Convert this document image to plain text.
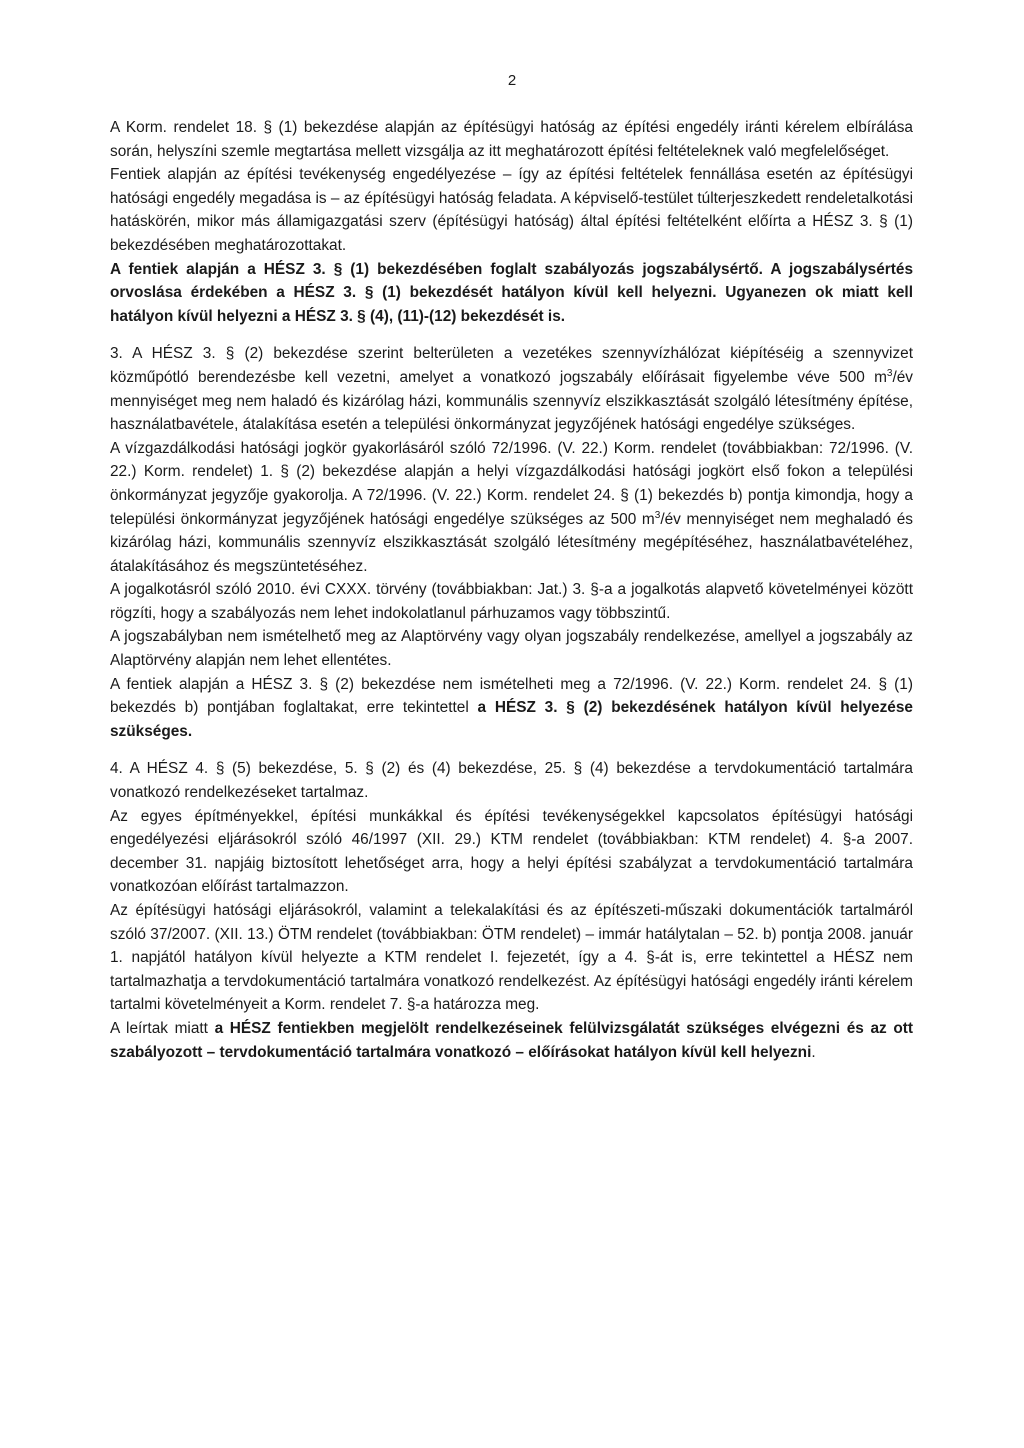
2

A Korm. rendelet 18. § (1) bekezdése alapján az építésügyi hatóság az építési engedély iránti kérelem elbírálása során, helyszíni szemle megtartása mellett vizsgálja az itt meghatározott építési feltételeknek való megfelelőséget.

Fentiek alapján az építési tevékenység engedélyezése – így az építési feltételek fennállása esetén az építésügyi hatósági engedély megadása is – az építésügyi hatóság feladata. A képviselő-testület túlterjeszkedett rendeletalkotási hatáskörén, mikor más államigazgatási szerv (építésügyi hatóság) által építési feltételként előírta a HÉSZ 3. § (1) bekezdésében meghatározottakat.

A fentiek alapján a HÉSZ 3. § (1) bekezdésében foglalt szabályozás jogszabálysértő. A jogszabálysértés orvoslása érdekében a HÉSZ 3. § (1) bekezdését hatályon kívül kell helyezni. Ugyanezen ok miatt kell hatályon kívül helyezni a HÉSZ 3. § (4), (11)-(12) bekezdését is.

3. A HÉSZ 3. § (2) bekezdése szerint belterületen a vezetékes szennyvízhálózat kiépítéséig a szennyvizet közműpótló berendezésbe kell vezetni, amelyet a vonatkozó jogszabály előírásait figyelembe véve 500 $m^3/év$ mennyiséget meg nem haladó és kizárólag házi, kommunális szennyvíz elszikkasztását szolgáló létesítmény építése, használatbavétele, átalakítása esetén a települési önkormányzat jegyzőjének hatósági engedélye szükséges.

A vízgazdálkodási hatósági jogkör gyakorlásáról szóló 72/1996. (V. 22.) Korm. rendelet (továbbiakban: 72/1996. (V. 22.) Korm. rendelet) 1. § (2) bekezdése alapján a helyi vízgazdálkodási hatósági jogkört első fokon a települési önkormányzat jegyzője gyakorolja. A 72/1996. (V. 22.) Korm. rendelet 24. § (1) bekezdés b) pontja kimondja, hogy a települési önkormányzat jegyzőjének hatósági engedélye szükséges az 500 $m^3/év$ mennyiséget nem meghaladó és kizárólag házi, kommunális szennyvíz elszikkasztását szolgáló létesítmény megépítéséhez, használatbavételéhez, átalakításához és megszüntetéséhez.

A jogalkotásról szóló 2010. évi CXXX. törvény (továbbiakban: Jat.) 3. §-a a jogalkotás alapvető követelményei között rögzíti, hogy a szabályozás nem lehet indokolatlanul párhuzamos vagy többszintű.

A jogszabályban nem ismételhető meg az Alaptörvény vagy olyan jogszabály rendelkezése, amellyel a jogszabály az Alaptörvény alapján nem lehet ellentétes.

A fentiek alapján a HÉSZ 3. § (2) bekezdése nem ismételheti meg a 72/1996. (V. 22.) Korm. rendelet 24. § (1) bekezdés b) pontjában foglaltakat, erre tekintettel a HÉSZ 3. § (2) bekezdésének hatályon kívül helyezése szükséges.

4. A HÉSZ 4. § (5) bekezdése, 5. § (2) és (4) bekezdése, 25. § (4) bekezdése a tervdokumentáció tartalmára vonatkozó rendelkezéseket tartalmaz.

Az egyes építményekkel, építési munkákkal és építési tevékenységekkel kapcsolatos építésügyi hatósági engedélyezési eljárásokról szóló 46/1997 (XII. 29.) KTM rendelet (továbbiakban: KTM rendelet) 4. §-a 2007. december 31. napjáig biztosított lehetőséget arra, hogy a helyi építési szabályzat a tervdokumentáció tartalmára vonatkozóan előírást tartalmazzon.

Az építésügyi hatósági eljárásokról, valamint a telekalakítási és az építészeti-műszaki dokumentációk tartalmáról szóló 37/2007. (XII. 13.) ÖTM rendelet (továbbiakban: ÖTM rendelet) – immár hatálytalan – 52. b) pontja 2008. január 1. napjától hatályon kívül helyezte a KTM rendelet I. fejezetét, így a 4. §-át is, erre tekintettel a HÉSZ nem tartalmazhatja a tervdokumentáció tartalmára vonatkozó rendelkezést. Az építésügyi hatósági engedély iránti kérelem tartalmi követelményeit a Korm. rendelet 7. §-a határozza meg.

A leírtak miatt a HÉSZ fentiekben megjelölt rendelkezéseinek felülvizsgálatát szükséges elvégezni és az ott szabályozott – tervdokumentáció tartalmára vonatkozó – előírásokat hatályon kívül kell helyezni.
